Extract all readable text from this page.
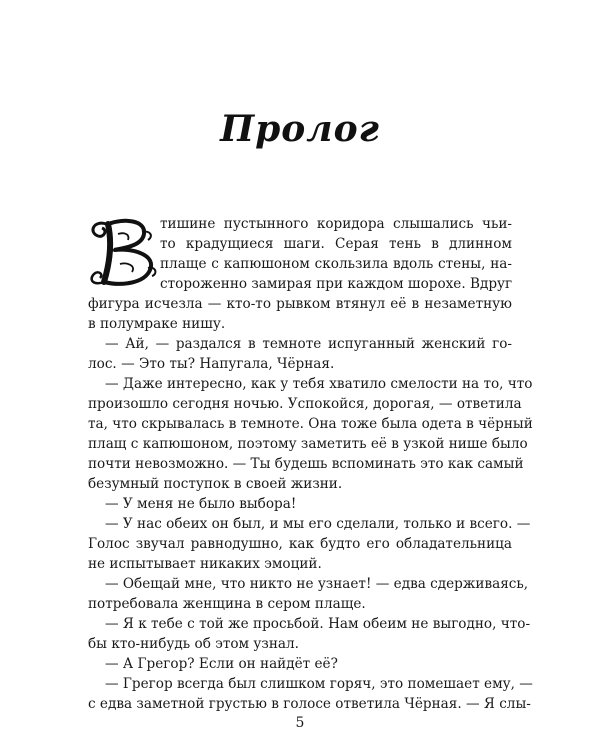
Пролог
тишине пустынного коридора слышались чьи-
то крадущиеся шаги. Серая тень в длинном
плаще с капюшоном скользила вдоль стены, на-
стороженно замирая при каждом шорохе. Вдруг
фигура исчезла — кто-то рывком втянул её в незаметную
в полумраке нишу.
— Ай, — раздался в темноте испуганный женский го-
лос. — Это ты? Напугала, Чёрная.
— Даже интересно, как у тебя хватило смелости на то, что
произошло сегодня ночью. Успокойся, дорогая, — ответила
та, что скрывалась в темноте. Она тоже была одета в чёрный
плащ с капюшоном, поэтому заметить её в узкой нише было
почти невозможно. — Ты будешь вспоминать это как самый
безумный поступок в своей жизни.
— У меня не было выбора!
— У нас обеих он был, и мы его сделали, только и всего. —
Голос звучал равнодушно, как будто его обладательница
не испытывает никаких эмоций.
— Обещай мне, что никто не узнает! — едва сдерживаясь,
потребовала женщина в сером плаще.
— Я к тебе с той же просьбой. Нам обеим не выгодно, что-
бы кто-нибудь об этом узнал.
— А Грегор? Если он найдёт её?
— Грегор всегда был слишком горяч, это помешает ему, —
с едва заметной грустью в голосе ответила Чёрная. — Я слы-
5
